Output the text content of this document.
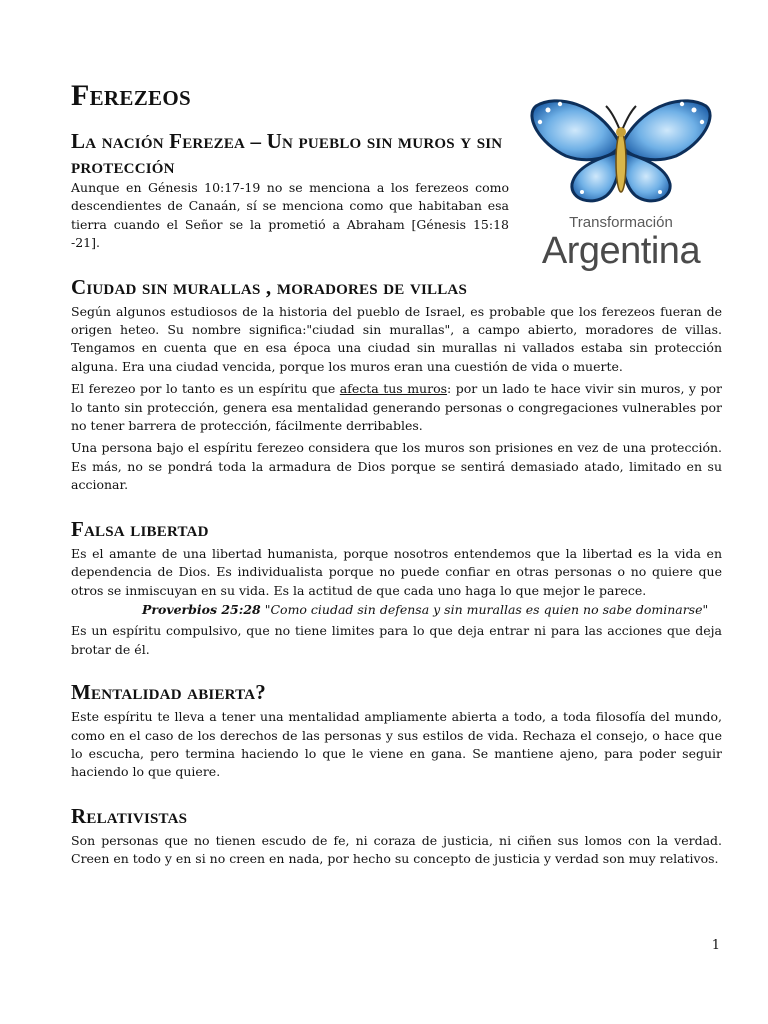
Ferezeos
La nación Ferezea – Un pueblo sin muros y sin protección

Aunque en Génesis 10:17-19 no se menciona a los ferezeos como descendientes de Canaán, sí se menciona como que habitaban esa tierra cuando el Señor se la prometió a Abraham [Génesis 15:18 -21].

Ciudad sin murallas , moradores de villas

Según algunos estudiosos de la historia del pueblo de Israel, es probable que los ferezeos fueran de origen heteo. Su nombre significa:"ciudad sin murallas", a campo abierto, moradores de villas. Tengamos en cuenta que en esa época una ciudad sin murallas ni vallados estaba sin protección alguna. Era una ciudad vencida, porque los muros eran una cuestión de vida o muerte.

El ferezeo por lo tanto es un espíritu que afecta tus muros: por un lado te hace vivir sin muros, y por lo tanto sin protección, genera esa mentalidad generando personas o congregaciones vulnerables por no tener barrera de protección, fácilmente derribables.

Una persona bajo el espíritu ferezeo considera que los muros son prisiones en vez de una protección. Es más, no se pondrá toda la armadura de Dios porque se sentirá demasiado atado, limitado en su accionar.

Falsa libertad

Es el amante de una libertad humanista, porque nosotros entendemos que la libertad es la vida en dependencia de Dios. Es individualista porque no puede confiar en otras personas o no quiere que otros se inmiscuyan en su vida. Es la actitud de que cada uno haga lo que mejor le parece.

Proverbios 25:28 "Como ciudad sin defensa y sin murallas es quien no sabe dominarse"

Es un espíritu compulsivo, que no tiene limites para lo que deja entrar ni para las acciones que deja brotar de él.

Mentalidad abierta?

Este espíritu te lleva a tener una mentalidad ampliamente abierta a todo, a toda filosofía del mundo, como en el caso de los derechos de las personas y sus estilos de vida. Rechaza el consejo, o hace que lo escucha, pero termina haciendo lo que le viene en gana. Se mantiene ajeno, para poder seguir haciendo lo que quiere.

Relativistas

Son personas que no tienen escudo de fe, ni coraza de justicia, ni ciñen sus lomos con la verdad. Creen en todo y en si no creen en nada, por hecho su concepto de justicia y verdad son muy relativos.

Transformación
Argentina
1
